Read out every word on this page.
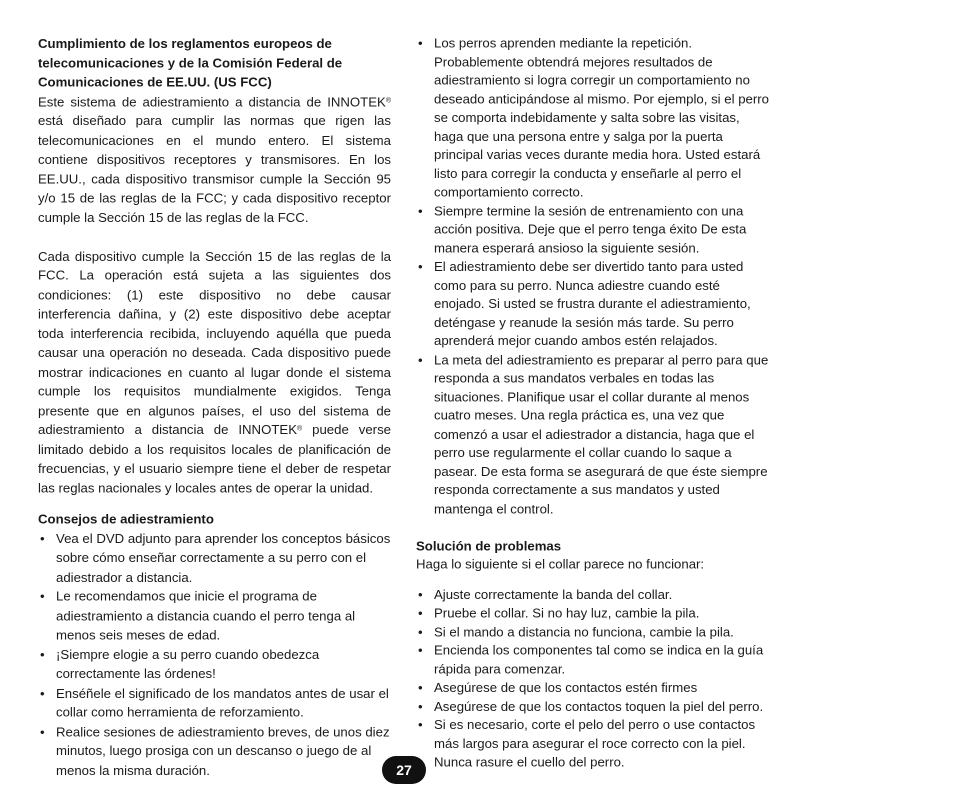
Cumplimiento de los reglamentos europeos de telecomunicaciones y de la Comisión Federal de Comunicaciones de EE.UU. (US FCC)
Este sistema de adiestramiento a distancia de INNOTEK® está diseñado para cumplir las normas que rigen las telecomunicaciones en el mundo entero. El sistema contiene dispositivos receptores y transmisores. En los EE.UU., cada dispositivo transmisor cumple la Sección 95 y/o 15 de las reglas de la FCC; y cada dispositivo receptor cumple la Sección 15 de las reglas de la FCC.
Cada dispositivo cumple la Sección 15 de las reglas de la FCC. La operación está sujeta a las siguientes dos condiciones: (1) este dispositivo no debe causar interferencia dañina, y (2) este dispositivo debe aceptar toda interferencia recibida, incluyendo aquélla que pueda causar una operación no deseada. Cada dispositivo puede mostrar indicaciones en cuanto al lugar donde el sistema cumple los requisitos mundialmente exigidos. Tenga presente que en algunos países, el uso del sistema de adiestramiento a distancia de INNOTEK® puede verse limitado debido a los requisitos locales de planificación de frecuencias, y el usuario siempre tiene el deber de respetar las reglas nacionales y locales antes de operar la unidad.
Consejos de adiestramiento
• Vea el DVD adjunto para aprender los conceptos básicos sobre cómo enseñar correctamente a su perro con el adiestrador a distancia.
• Le recomendamos que inicie el programa de adiestramiento a distancia cuando el perro tenga al menos seis meses de edad.
• ¡Siempre elogie a su perro cuando obedezca correctamente las órdenes!
• Enséñele el significado de los mandatos antes de usar el collar como herramienta de reforzamiento.
• Realice sesiones de adiestramiento breves, de unos diez minutos, luego prosiga con un descanso o juego de al menos la misma duración.
• Los perros aprenden mediante la repetición. Probablemente obtendrá mejores resultados de adiestramiento si logra corregir un comportamiento no deseado anticipándose al mismo. Por ejemplo, si el perro se comporta indebidamente y salta sobre las visitas, haga que una persona entre y salga por la puerta principal varias veces durante media hora. Usted estará listo para corregir la conducta y enseñarle al perro el comportamiento correcto.
• Siempre termine la sesión de entrenamiento con una acción positiva. Deje que el perro tenga éxito De esta manera esperará ansioso la siguiente sesión.
• El adiestramiento debe ser divertido tanto para usted como para su perro. Nunca adiestre cuando esté enojado. Si usted se frustra durante el adiestramiento, deténgase y reanude la sesión más tarde. Su perro aprenderá mejor cuando ambos estén relajados.
• La meta del adiestramiento es preparar al perro para que responda a sus mandatos verbales en todas las situaciones. Planifique usar el collar durante al menos cuatro meses. Una regla práctica es, una vez que comenzó a usar el adiestrador a distancia, haga que el perro use regularmente el collar cuando lo saque a pasear. De esta forma se asegurará de que éste siempre responda correctamente a sus mandatos y usted mantenga el control.
Solución de problemas
Haga lo siguiente si el collar parece no funcionar:
• Ajuste correctamente la banda del collar.
• Pruebe el collar. Si no hay luz, cambie la pila.
• Si el mando a distancia no funciona, cambie la pila.
• Encienda los componentes tal como se indica en la guía rápida para comenzar.
• Asegúrese de que los contactos estén firmes
• Asegúrese de que los contactos toquen la piel del perro.
• Si es necesario, corte el pelo del perro o use contactos más largos para asegurar el roce correcto con la piel. Nunca rasure el cuello del perro.
27
